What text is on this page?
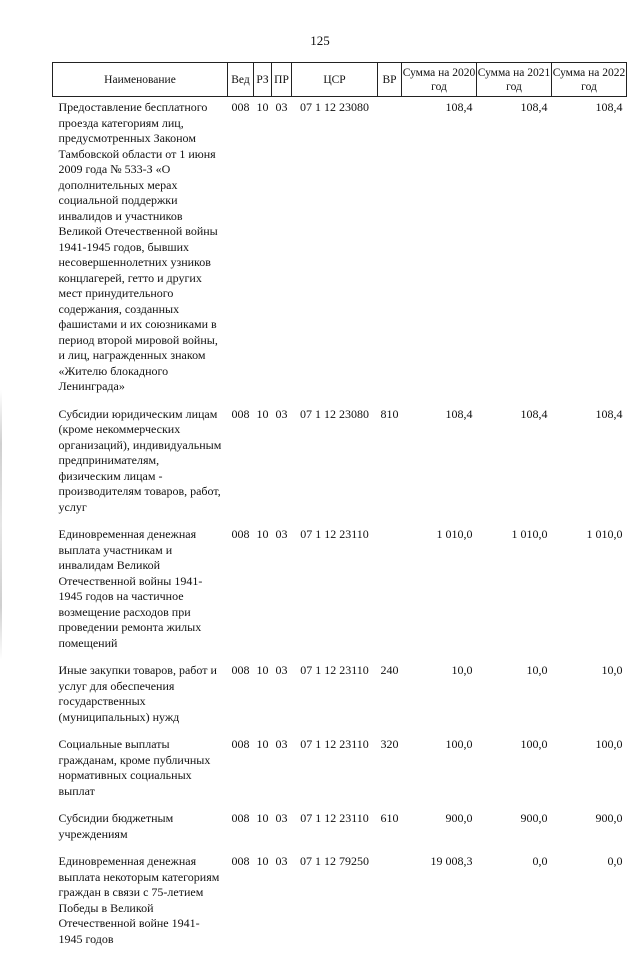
125
Наименование	Вед	РЗ	ПР	ЦСР	ВР	Сумма на 2020 год	Сумма на 2021 год	Сумма на 2022 год

Предоставление бесплатного проезда категориям лиц, предусмотренных Законом Тамбовской области от 1 июня 2009 года № 533-З «О дополнительных мерах социальной поддержки инвалидов и участников Великой Отечественной войны 1941-1945 годов, бывших несовершеннолетних узников концлагерей, гетто и других мест принудительного содержания, созданных фашистами и их союзниками в период второй мировой войны, и лиц, награжденных знаком «Жителю блокадного Ленинграда»	008	10	03	07 1 12 23080		108,4	108,4	108,4
Субсидии юридическим лицам (кроме некоммерческих организаций), индивидуальным предпринимателям, физическим лицам - производителям товаров, работ, услуг	008	10	03	07 1 12 23080	810	108,4	108,4	108,4
Единовременная денежная выплата участникам и инвалидам Великой Отечественной войны 1941-1945 годов на частичное возмещение расходов при проведении ремонта жилых помещений	008	10	03	07 1 12 23110		1 010,0	1 010,0	1 010,0
Иные закупки товаров, работ и услуг для обеспечения государственных (муниципальных) нужд	008	10	03	07 1 12 23110	240	10,0	10,0	10,0
Социальные выплаты гражданам, кроме публичных нормативных социальных выплат	008	10	03	07 1 12 23110	320	100,0	100,0	100,0
Субсидии бюджетным учреждениям	008	10	03	07 1 12 23110	610	900,0	900,0	900,0
Единовременная денежная выплата некоторым категориям граждан в связи с 75-летием Победы в Великой Отечественной войне 1941-1945 годов	008	10	03	07 1 12 79250		19 008,3	0,0	0,0
